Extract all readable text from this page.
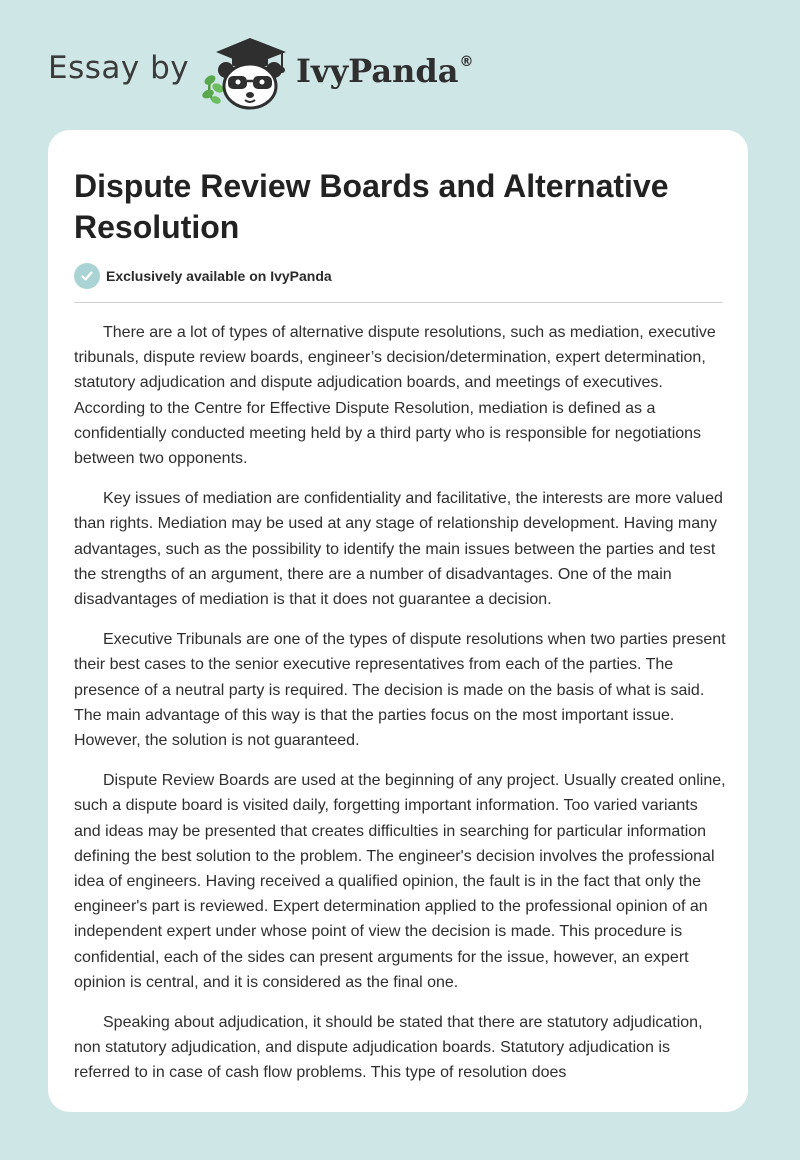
Essay by	IvyPanda®
Dispute Review Boards and Alternative Resolution
Exclusively available on IvyPanda

There are a lot of types of alternative dispute resolutions, such as mediation, executive tribunals, dispute review boards, engineer’s decision/determination, expert determination, statutory adjudication and dispute adjudication boards, and meetings of executives. According to the Centre for Effective Dispute Resolution, mediation is defined as a confidentially conducted meeting held by a third party who is responsible for negotiations between two opponents.

Key issues of mediation are confidentiality and facilitative, the interests are more valued than rights. Mediation may be used at any stage of relationship development. Having many advantages, such as the possibility to identify the main issues between the parties and test the strengths of an argument, there are a number of disadvantages. One of the main disadvantages of mediation is that it does not guarantee a decision.

Executive Tribunals are one of the types of dispute resolutions when two parties present their best cases to the senior executive representatives from each of the parties. The presence of a neutral party is required. The decision is made on the basis of what is said. The main advantage of this way is that the parties focus on the most important issue. However, the solution is not guaranteed.

Dispute Review Boards are used at the beginning of any project. Usually created online, such a dispute board is visited daily, forgetting important information. Too varied variants and ideas may be presented that creates difficulties in searching for particular information defining the best solution to the problem. The engineer's decision involves the professional idea of engineers. Having received a qualified opinion, the fault is in the fact that only the engineer's part is reviewed. Expert determination applied to the professional opinion of an independent expert under whose point of view the decision is made. This procedure is confidential, each of the sides can present arguments for the issue, however, an expert opinion is central, and it is considered as the final one.

Speaking about adjudication, it should be stated that there are statutory adjudication, non statutory adjudication, and dispute adjudication boards. Statutory adjudication is referred to in case of cash flow problems. This type of resolution does
